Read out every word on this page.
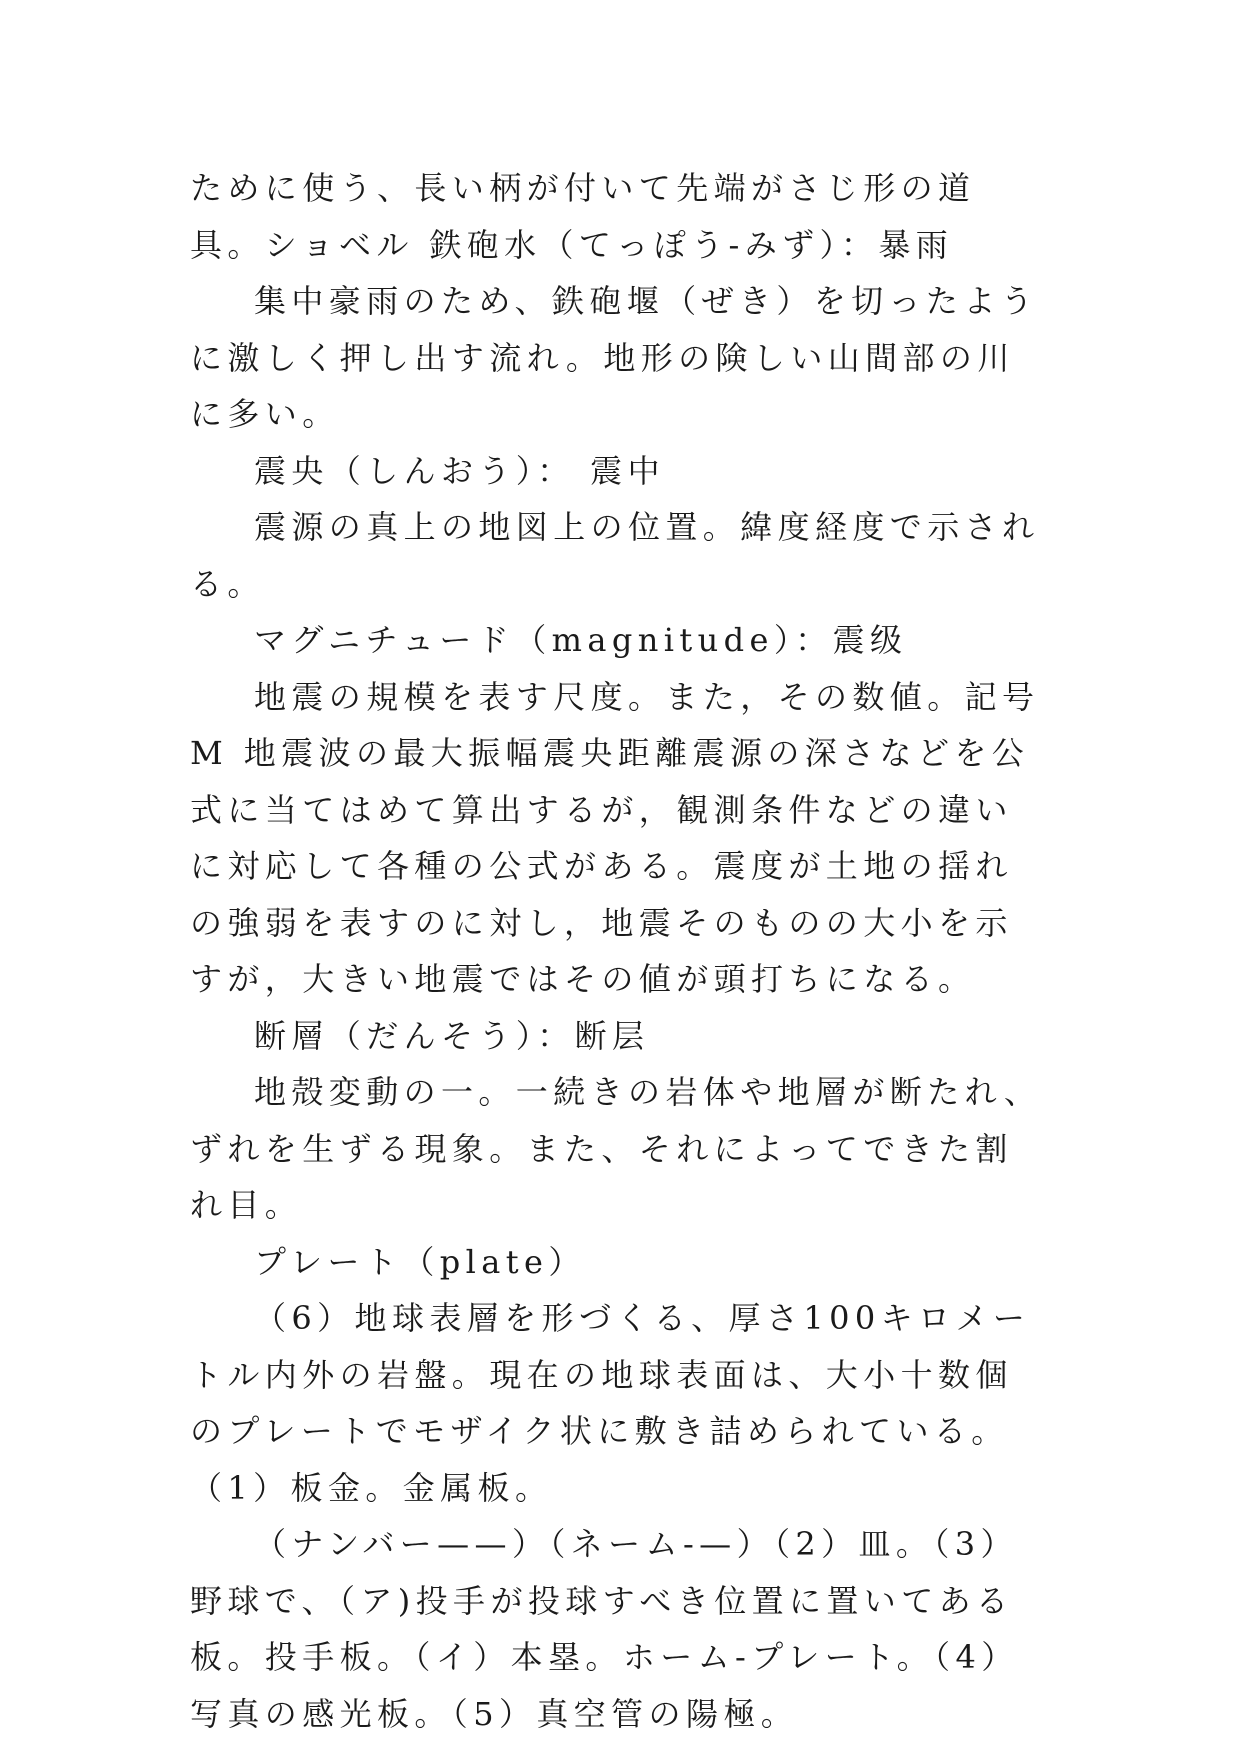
ために使う、長い柄が付いて先端がさじ形の道具。ショベル 鉄砲水（てっぽう-みず）：暴雨

集中豪雨のため、鉄砲堰（ぜき）を切ったように激しく押し出す流れ。地形の険しい山間部の川に多い。

震央（しんおう）： 震中

震源の真上の地図上の位置。緯度経度で示される。

マグニチュード（magnitude）：震级

地震の規模を表す尺度。また，その数値。記号M 地震波の最大振幅震央距離震源の深さなどを公式に当てはめて算出するが，観測条件などの違いに対応して各種の公式がある。震度が土地の揺れの強弱を表すのに対し，地震そのものの大小を示すが，大きい地震ではその値が頭打ちになる。

断層（だんそう）：断层

地殻変動の一。一続きの岩体や地層が断たれ、ずれを生ずる現象。また、それによってできた割れ目。

プレート（plate）

（6）地球表層を形づくる、厚さ100キロメートル内外の岩盤。現在の地球表面は、大小十数個のプレートでモザイク状に敷き詰められている。（1）板金。金属板。

（ナンバー——）（ネーム-—）（2）皿。（3）野球で、（ア)投手が投球すべき位置に置いてある板。投手板。（イ）本塁。ホーム-プレート。（4）写真の感光板。（5）真空管の陽極。
